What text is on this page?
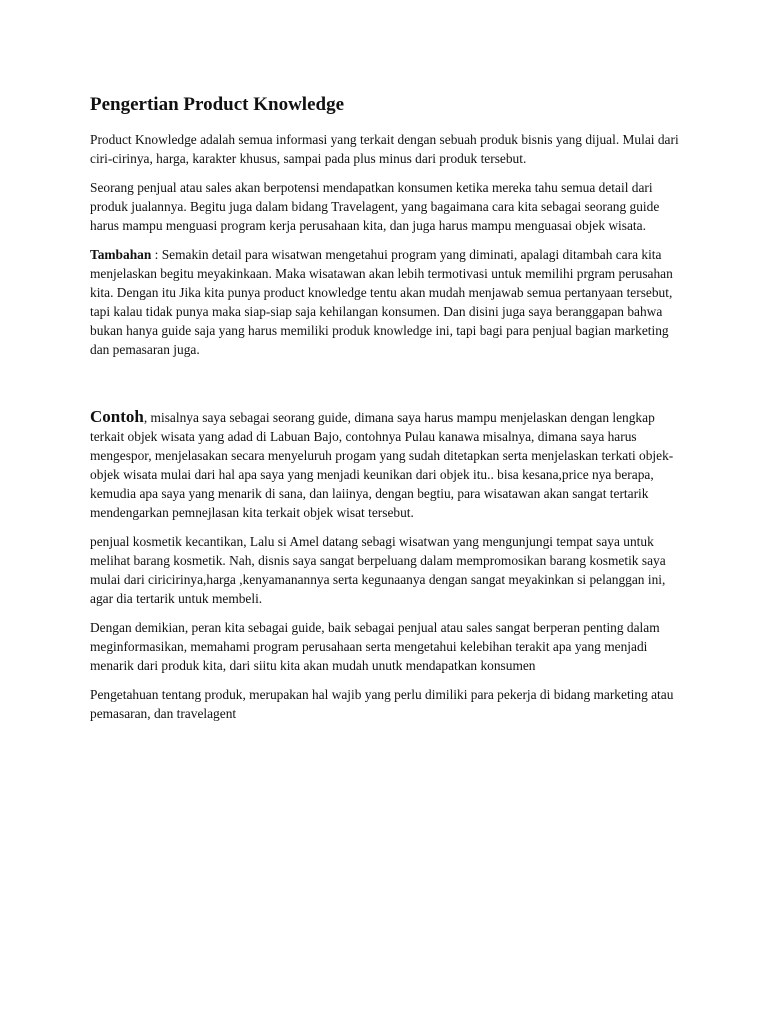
Pengertian Product Knowledge

Product Knowledge adalah semua informasi yang terkait dengan sebuah produk bisnis yang dijual. Mulai dari ciri-cirinya, harga, karakter khusus, sampai pada plus minus dari produk tersebut.

Seorang penjual atau sales akan berpotensi mendapatkan konsumen ketika mereka tahu semua detail dari produk jualannya. Begitu juga dalam bidang Travelagent, yang bagaimana cara kita sebagai seorang guide harus mampu menguasi program kerja perusahaan kita, dan juga harus mampu menguasai objek wisata.

Tambahan : Semakin detail para wisatwan mengetahui program yang diminati, apalagi ditambah cara kita menjelaskan begitu meyakinkaan. Maka wisatawan akan lebih termotivasi untuk memilihi prgram perusahan kita. Dengan itu Jika kita punya product knowledge tentu akan mudah menjawab semua pertanyaan tersebut, tapi kalau tidak punya maka siap-siap saja kehilangan konsumen. Dan disini juga saya beranggapan bahwa bukan hanya guide saja yang harus memiliki produk knowledge ini, tapi bagi para penjual bagian marketing dan pemasaran juga.

Contoh, misalnya saya sebagai seorang guide, dimana saya harus mampu menjelaskan dengan lengkap terkait objek wisata yang adad di Labuan Bajo, contohnya Pulau kanawa misalnya, dimana saya harus mengespor, menjelasakan secara menyeluruh progam yang sudah ditetapkan serta menjelaskan terkati objek-objek wisata mulai dari hal apa saya yang menjadi keunikan dari objek itu.. bisa kesana,price nya berapa, kemudia apa saya yang menarik di sana, dan laiinya, dengan begtiu, para wisatawan akan sangat tertarik mendengarkan pemnejlasan kita terkait objek wisat tersebut.

penjual kosmetik kecantikan, Lalu si Amel datang sebagi wisatwan yang mengunjungi tempat saya untuk melihat barang kosmetik. Nah, disnis saya sangat berpeluang dalam mempromosikan barang kosmetik saya mulai dari ciricirinya,harga ,kenyamanannya serta kegunaanya dengan sangat meyakinkan si pelanggan ini, agar dia tertarik untuk membeli.

Dengan demikian, peran kita sebagai guide, baik sebagai penjual atau sales sangat berperan penting dalam meginformasikan, memahami program perusahaan serta mengetahui kelebihan terakit apa yang menjadi menarik dari produk kita, dari siitu kita akan mudah unutk mendapatkan konsumen

Pengetahuan tentang produk, merupakan hal wajib yang perlu dimiliki para pekerja di bidang marketing atau pemasaran, dan travelagent
